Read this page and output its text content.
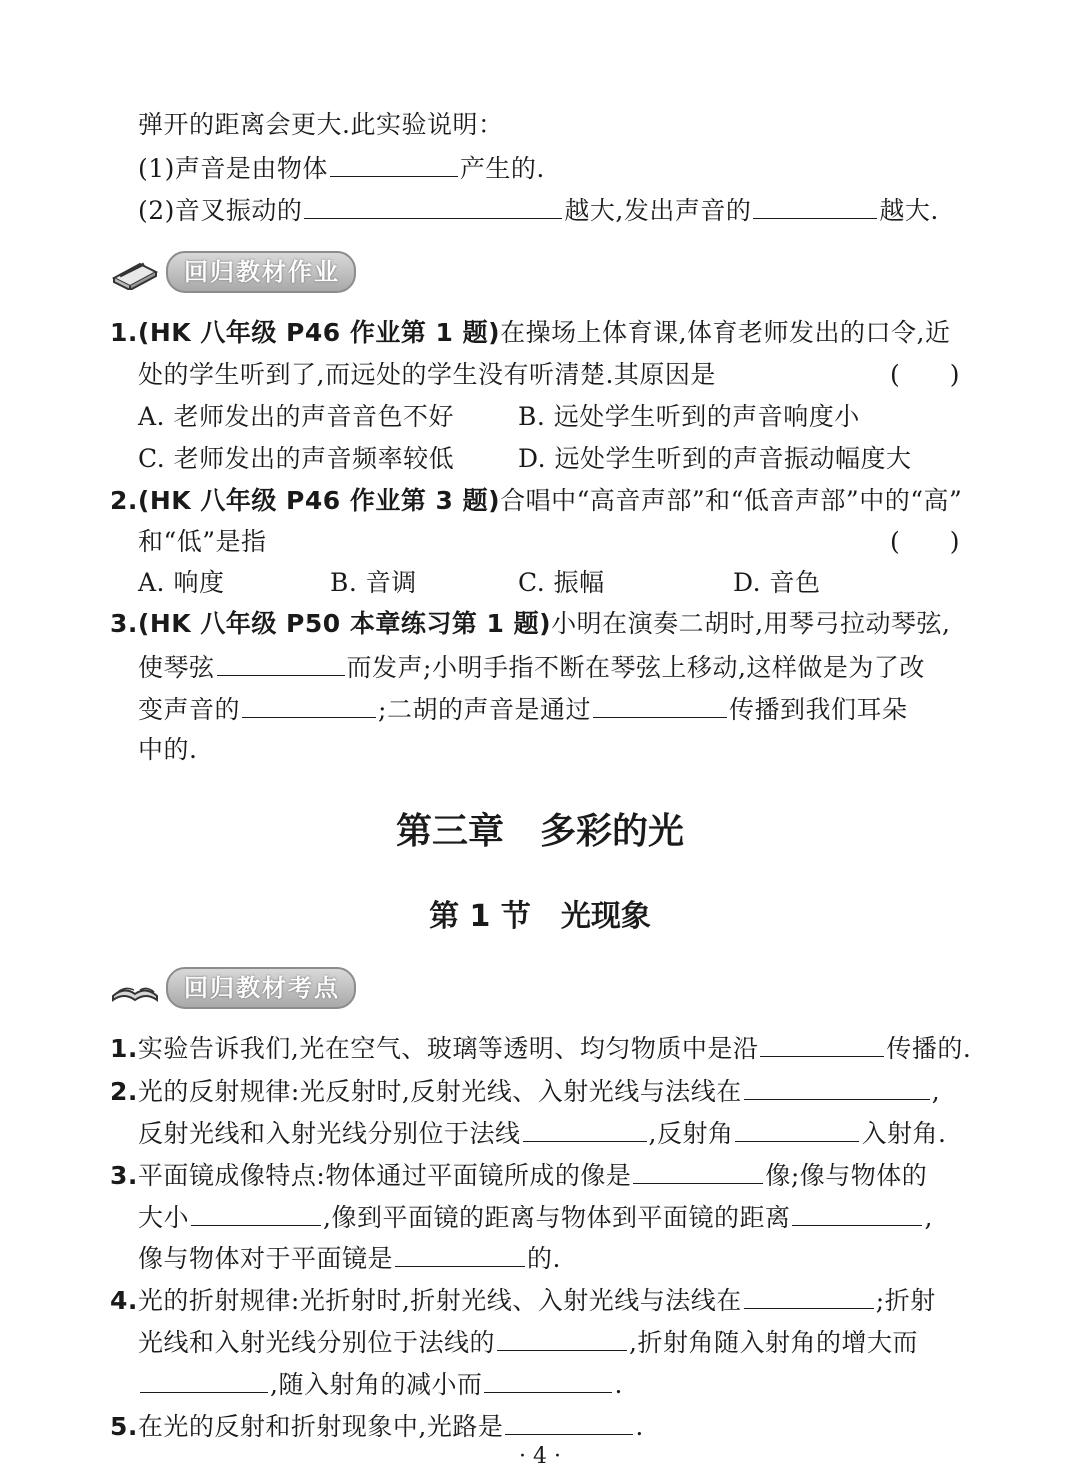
弹开的距离会更大.此实验说明：
(1)声音是由物体	产生的.
(2)音叉振动的	越大,发出声音的	越大.
回归教材作业
1.(HK 八年级 P46 作业第 1 题)在操场上体育课,体育老师发出的口令,近
处的学生听到了,而远处的学生没有听清楚.其原因是	(　　)
A. 老师发出的声音音色不好	B. 远处学生听到的声音响度小
C. 老师发出的声音频率较低	D. 远处学生听到的声音振动幅度大
2.(HK 八年级 P46 作业第 3 题)合唱中“高音声部”和“低音声部”中的“高”
和“低”是指	(　　)
A. 响度	B. 音调	C. 振幅	D. 音色
3.(HK 八年级 P50 本章练习第 1 题)小明在演奏二胡时,用琴弓拉动琴弦,
使琴弦	而发声;小明手指不断在琴弦上移动,这样做是为了改
变声音的	;二胡的声音是通过	传播到我们耳朵
中的.
第三章　多彩的光
第 1 节　光现象
回归教材考点
1.实验告诉我们,光在空气、玻璃等透明、均匀物质中是沿	传播的.
2.光的反射规律:光反射时,反射光线、入射光线与法线在	,
反射光线和入射光线分别位于法线	,反射角	入射角.
3.平面镜成像特点:物体通过平面镜所成的像是	像;像与物体的
大小	,像到平面镜的距离与物体到平面镜的距离	,
像与物体对于平面镜是	的.
4.光的折射规律:光折射时,折射光线、入射光线与法线在	;折射
光线和入射光线分别位于法线的	,折射角随入射角的增大而
,随入射角的减小而	.
5.在光的反射和折射现象中,光路是	.
· 4 ·
